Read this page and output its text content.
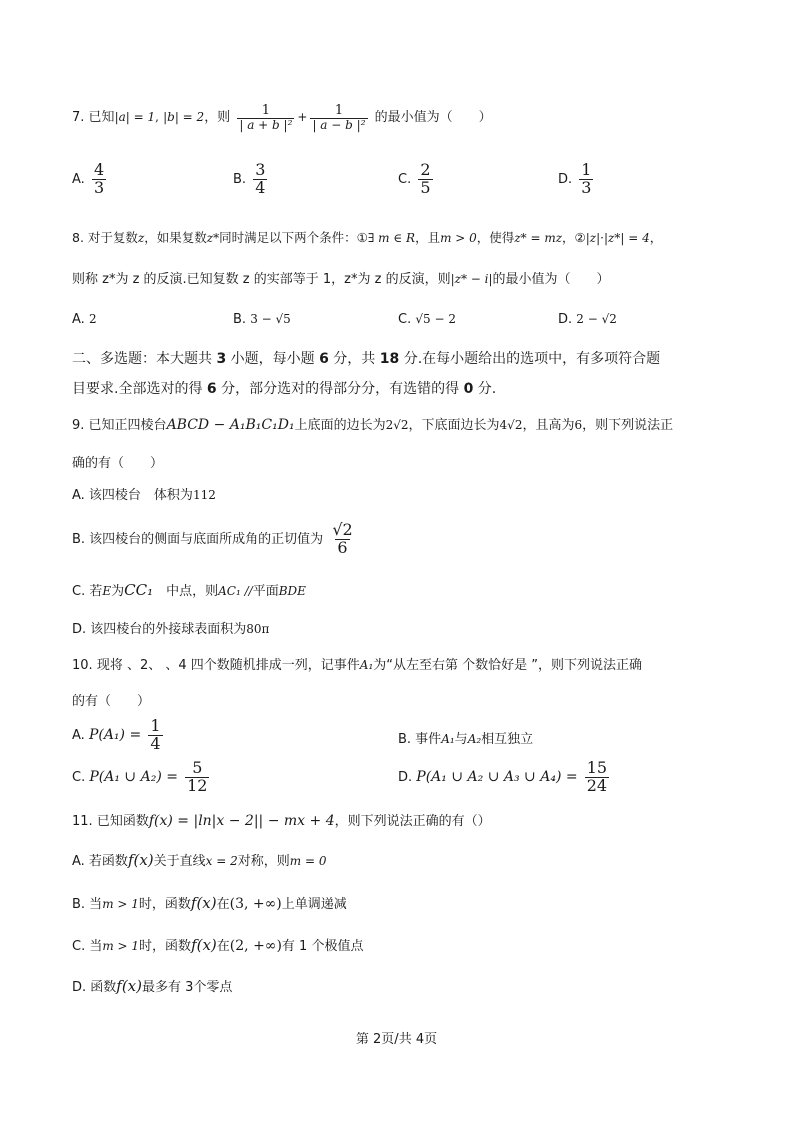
7. 已知|a| = 1, |b| = 2，则 $\frac{1}{\text{| a + b |²}} + \frac{1}{\text{| a − b |²}}$ 的最小值为（　　）
A. $\frac{4}{3}$	B. $\frac{3}{4}$	C. $\frac{2}{5}$	D. $\frac{1}{3}$
8. 对于复数z，如果复数z*同时满足以下两个条件：①∃ m ∈ R，且m > 0，使得z* = mz，②|z|·|z*| = 4，
则称 z*为 z 的反演.已知复数 z 的实部等于 1，z*为 z 的反演，则|z* − i|的最小值为（　　）
A. 2	B. 3 − √5	C. √5 − 2	D. 2 − √2
二、多选题：本大题共 3 小题，每小题 6 分，共 18 分.在每小题给出的选项中，有多项符合题
目要求.全部选对的得 6 分，部分选对的得部分分，有选错的得 0 分.
9. 已知正四棱台ABCD − A₁B₁C₁D₁上底面的边长为2√2，下底面边长为4√2，且高为6，则下列说法正
确的有（　　）
A. 该四棱台　体积为112
B. 该四棱台的侧面与底面所成角的正切值为 $\frac{√2}{6}$
C. 若E为CC₁　 中点，则AC₁ //平面BDE
D. 该四棱台的外接球表面积为80π
10. 现将 、2、 、4 四个数随机排成一列，记事件A₁为“从左至右第 个数恰好是 ”，则下列说法正确
的有（　　）
A. $P(A_1) = \frac{1}{4}$	B. 事件A₁与A₂相互独立
C. P(A₁ ∪ $A_2) = \frac{5}{12}$	D. P(A₁ ∪ A₂ ∪ A₃ ∪ $A_4) = \frac{15}{24}$
11. 已知函数f(x) = |ln|x − 2|| − mx + 4，则下列说法正确的有（）
A. 若函数f(x)关于直线x = 2对称，则m = 0
B. 当m > 1时，函数f(x)在(3, +∞)上单调递减
C. 当m > 1时，函数f(x)在(2, +∞)有 1 个极值点
D. 函数f(x)最多有 3个零点
第 2页/共 4页
